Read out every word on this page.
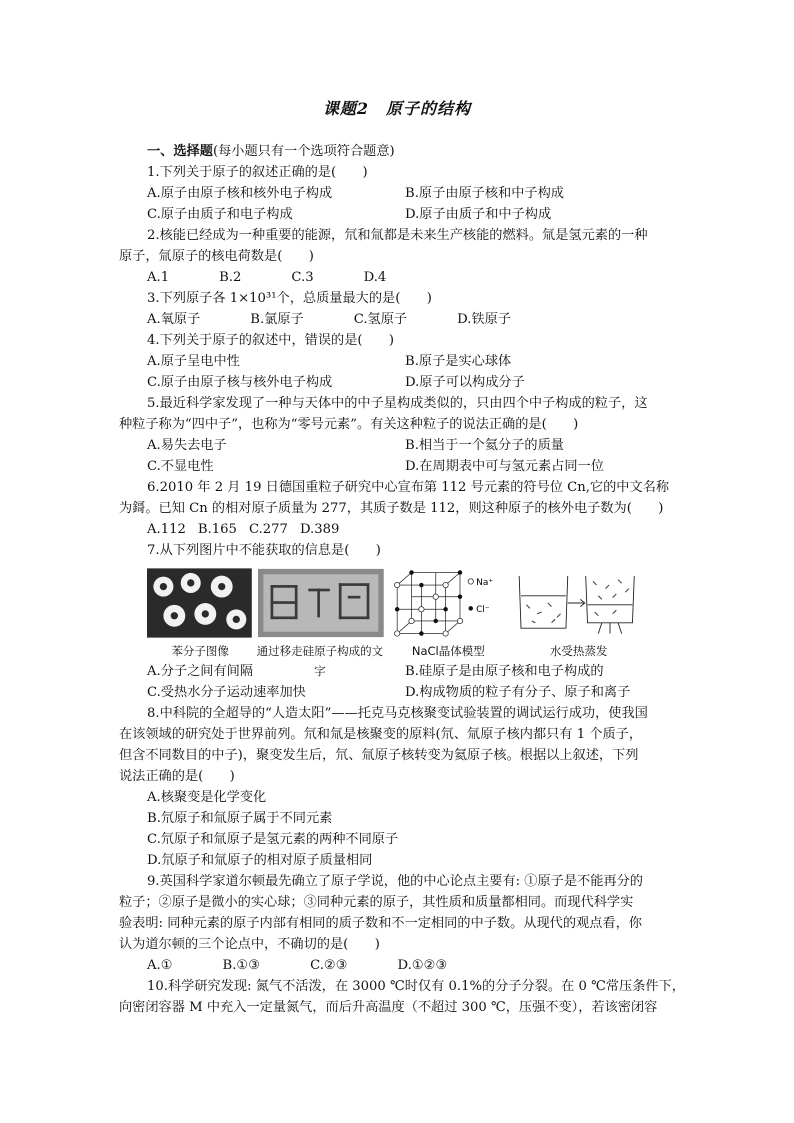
课题2　原子的结构
一、选择题(每小题只有一个选项符合题意)
1.下列关于原子的叙述正确的是(　　)
A.原子由原子核和核外电子构成	B.原子由原子核和中子构成
C.原子由质子和电子构成	D.原子由质子和中子构成
2.核能已经成为一种重要的能源，氘和氚都是未来生产核能的燃料。氚是氢元素的一种
原子，氚原子的核电荷数是(　　)
A.1	B.2	C.3	D.4
3.下列原子各 1×10³¹个，总质量最大的是(　　)
A.氧原子	B.氯原子	C.氢原子	D.铁原子
4.下列关于原子的叙述中，错误的是(　　)
A.原子呈电中性	B.原子是实心球体
C.原子由原子核与核外电子构成	D.原子可以构成分子
5.最近科学家发现了一种与天体中的中子星构成类似的，只由四个中子构成的粒子，这
种粒子称为“四中子”，也称为“零号元素”。有关这种粒子的说法正确的是(　　)
A.易失去电子	B.相当于一个氦分子的质量
C.不显电性	D.在周期表中可与氢元素占同一位
6.2010 年 2 月 19 日德国重粒子研究中心宣布第 112 号元素的符号位 Cn,它的中文名称
为鎶。已知 Cn 的相对原子质量为 277，其质子数是 112，则这种原子的核外电子数为(　　)
A.112 B.165 C.277 D.389
7.从下列图片中不能获取的信息是(　　)
Na⁺
Cl⁻
苯分子图像	通过移走硅原子构成的文字
NaCl晶体模型	水受热蒸发
A.分子之间有间隔	B.硅原子是由原子核和电子构成的
C.受热水分子运动速率加快	D.构成物质的粒子有分子、原子和离子
8.中科院的全超导的“人造太阳”——托克马克核聚变试验装置的调试运行成功，使我国
在该领域的研究处于世界前列。氘和氚是核聚变的原料(氘、氚原子核内都只有 1 个质子，
但含不同数目的中子)，聚变发生后，氘、氚原子核转变为氦原子核。根据以上叙述，下列
说法正确的是(　　)
A.核聚变是化学变化
B.氘原子和氚原子属于不同元素
C.氘原子和氚原子是氢元素的两种不同原子
D.氘原子和氚原子的相对原子质量相同
9.英国科学家道尔顿最先确立了原子学说，他的中心论点主要有: ①原子是不能再分的
粒子；②原子是微小的实心球；③同种元素的原子，其性质和质量都相同。而现代科学实
验表明: 同种元素的原子内部有相同的质子数和不一定相同的中子数。从现代的观点看，你
认为道尔顿的三个论点中，不确切的是(　　)
A.①	B.①③	C.②③	D.①②③
10.科学研究发现: 氮气不活泼，在 3000 ℃时仅有 0.1%的分子分裂。在 0 ℃常压条件下，
向密闭容器 M 中充入一定量氮气，而后升高温度（不超过 300 ℃，压强不变），若该密闭容
